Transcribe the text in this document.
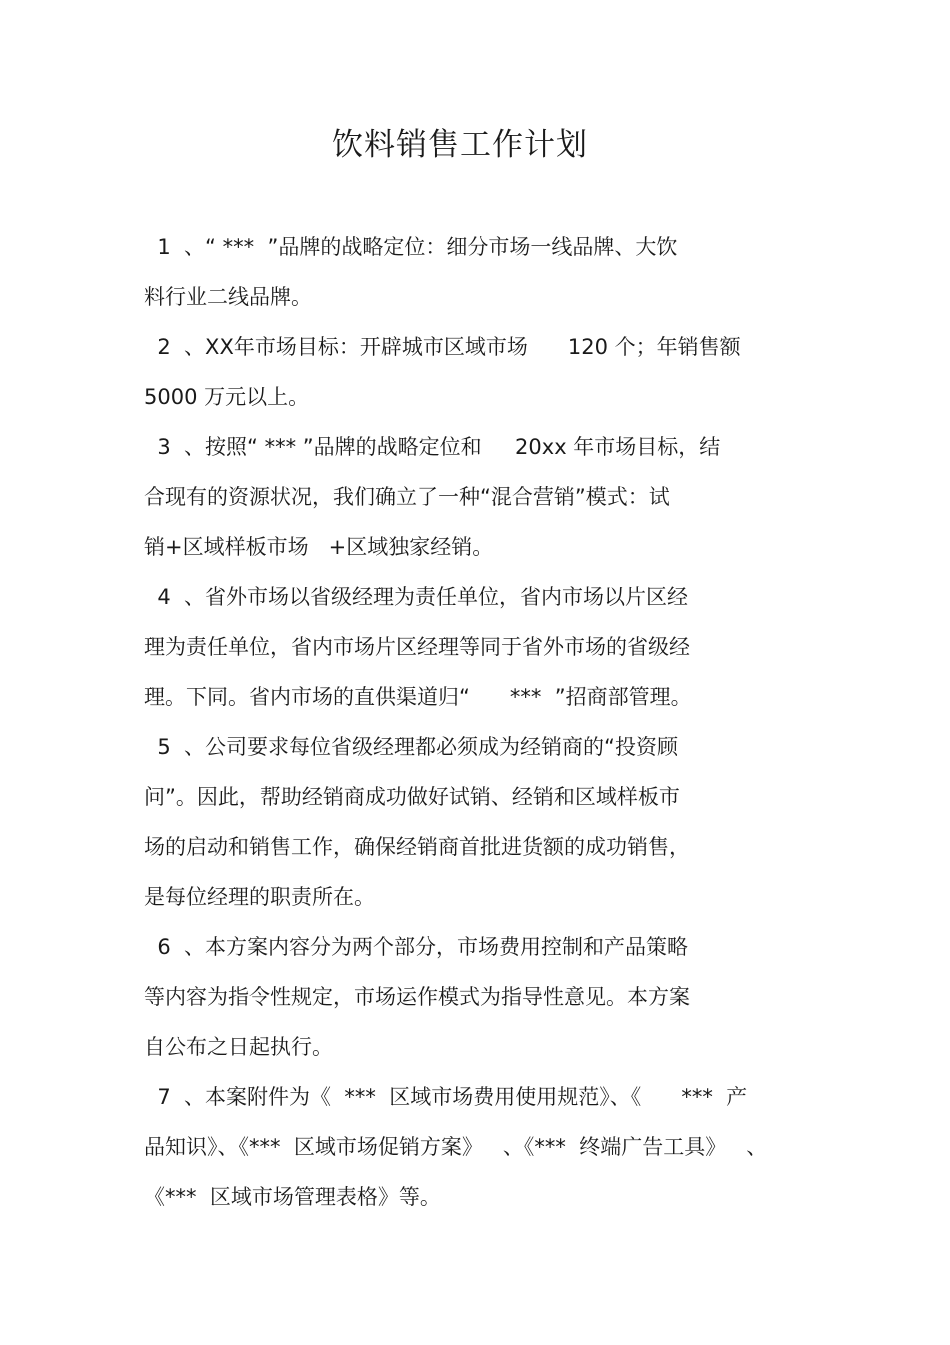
饮料销售工作计划
1  、“ ***  ”品牌的战略定位：细分市场一线品牌、大饮
料行业二线品牌。
2  、XX年市场目标：开辟城市区域市场      120 个；年销售额
5000 万元以上。
3  、按照“ *** ”品牌的战略定位和     20xx 年市场目标，结
合现有的资源状况，我们确立了一种“混合营销”模式：试
销+区域样板市场   +区域独家经销。
4  、省外市场以省级经理为责任单位，省内市场以片区经
理为责任单位，省内市场片区经理等同于省外市场的省级经
理。下同。省内市场的直供渠道归“      ***  ”招商部管理。
5  、公司要求每位省级经理都必须成为经销商的“投资顾
问”。因此，帮助经销商成功做好试销、经销和区域样板市
场的启动和销售工作，确保经销商首批进货额的成功销售，
是每位经理的职责所在。
6  、本方案内容分为两个部分，市场费用控制和产品策略
等内容为指令性规定，市场运作模式为指导性意见。本方案
自公布之日起执行。
7  、本案附件为《  ***  区域市场费用使用规范》、《      ***  产
品知识》、《***  区域市场促销方案》   、《***  终端广告工具》   、
《***  区域市场管理表格》等。
